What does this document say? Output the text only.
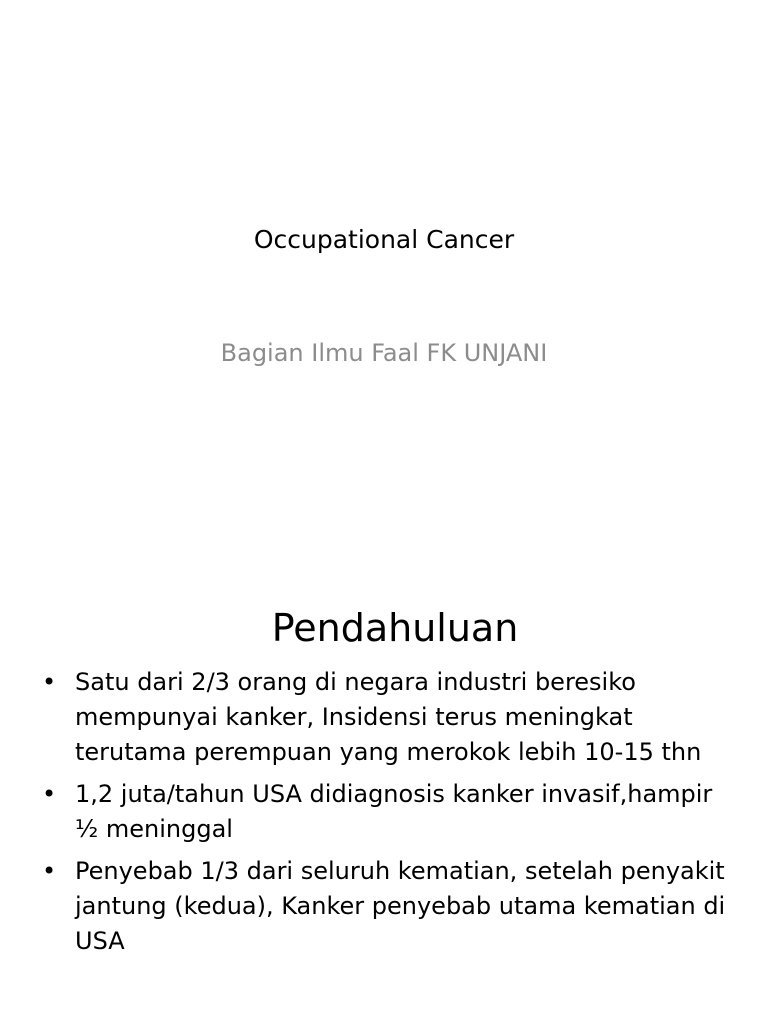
Occupational Cancer
Bagian Ilmu Faal FK UNJANI
Pendahuluan
• Satu dari 2/3 orang di negara industri beresiko mempunyai kanker, Insidensi terus meningkat terutama perempuan yang merokok lebih 10-15 thn
• 1,2 juta/tahun USA didiagnosis kanker invasif,hampir ½ meninggal
• Penyebab 1/3 dari seluruh kematian, setelah penyakit jantung (kedua), Kanker penyebab utama kematian di USA
